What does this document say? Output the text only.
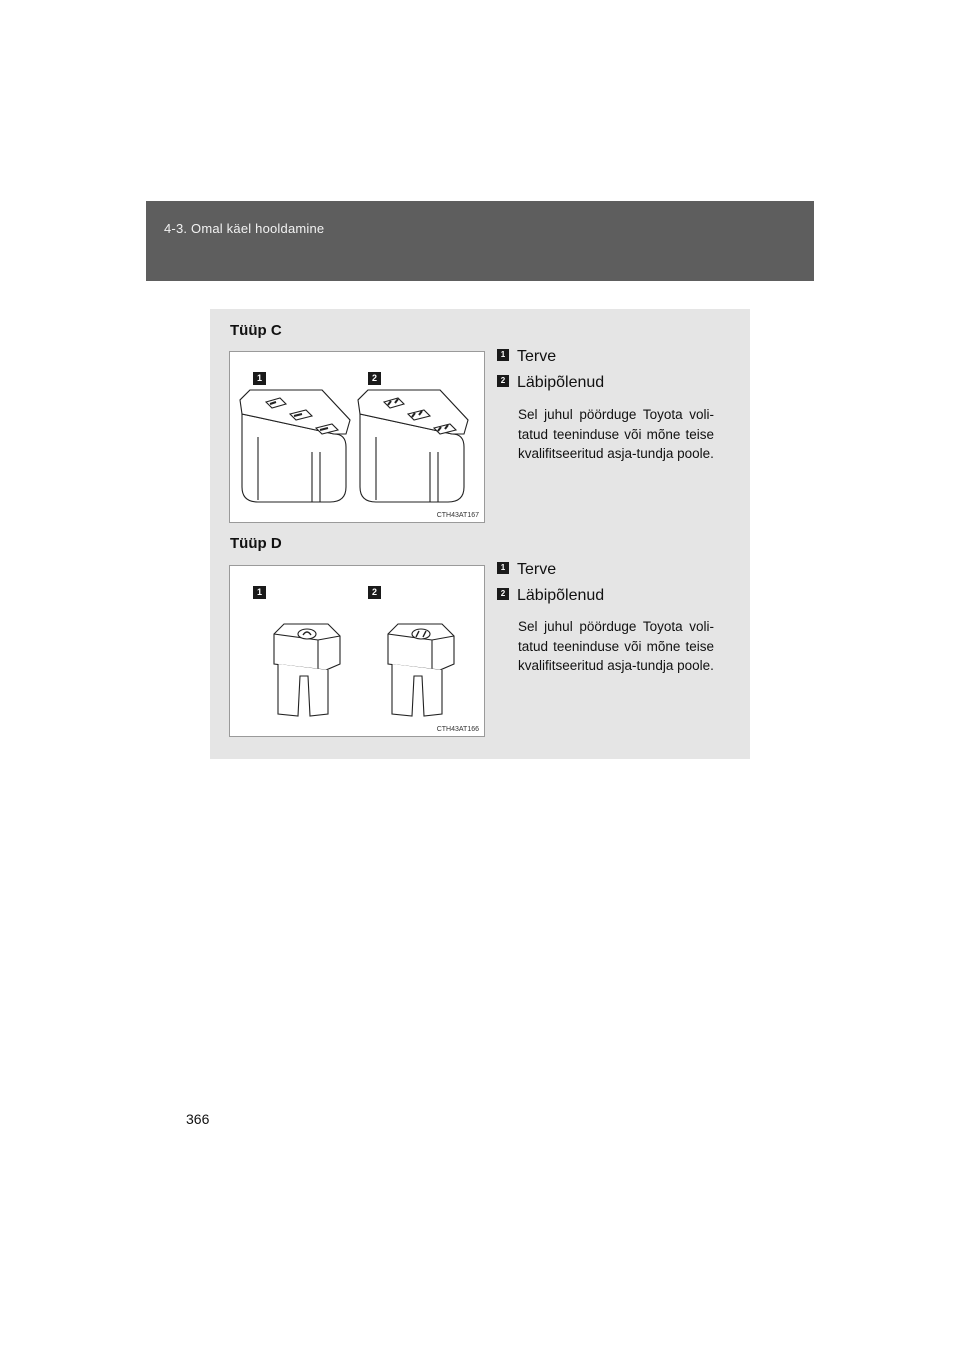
4-3. Omal käel hooldamine
Tüüp C
1	2
CTH43AT167
1 Terve
2 Läbipõlenud
Sel juhul pöörduge Toyota voli-tatud teeninduse või mõne teise kvalifitseeritud asja-tundja poole.
Tüüp D
1	2
CTH43AT166
1 Terve
2 Läbipõlenud
Sel juhul pöörduge Toyota voli-tatud teeninduse või mõne teise kvalifitseeritud asja-tundja poole.
366
